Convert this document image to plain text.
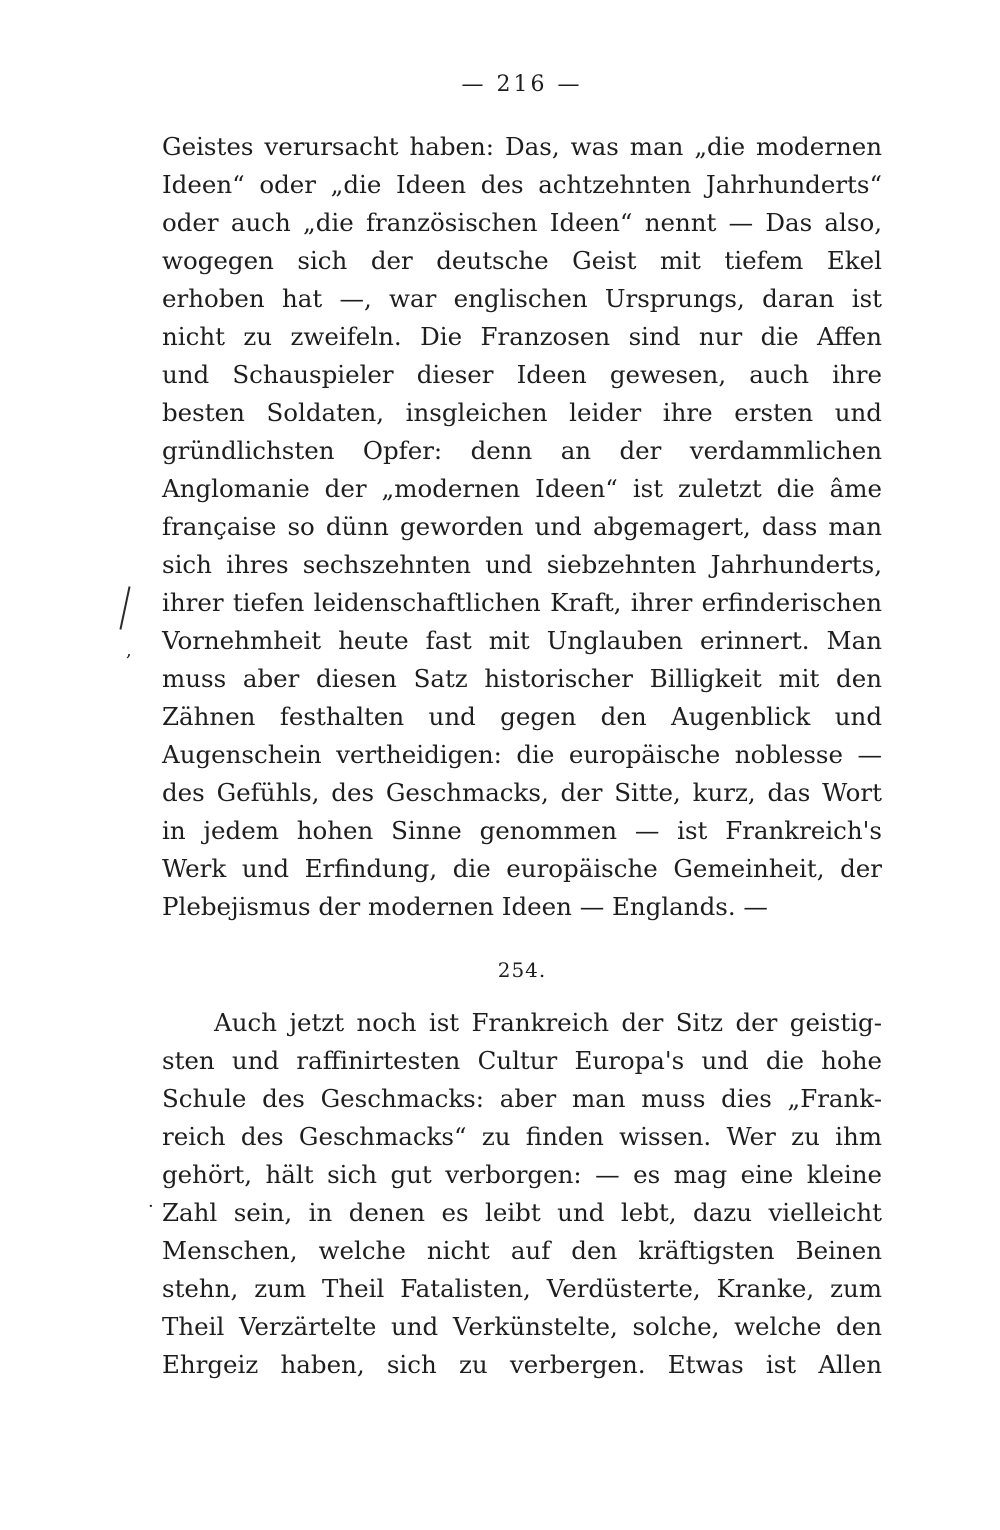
— 216 —
Geistes verursacht haben: Das, was man „die modernen
Ideen“ oder „die Ideen des achtzehnten Jahrhunderts“
oder auch „die französischen Ideen“ nennt — Das also,
wogegen sich der deutsche Geist mit tiefem Ekel
erhoben hat —, war englischen Ursprungs, daran ist
nicht zu zweifeln. Die Franzosen sind nur die Affen
und Schauspieler dieser Ideen gewesen, auch ihre
besten Soldaten, insgleichen leider ihre ersten und
gründlichsten Opfer: denn an der verdammlichen
Anglomanie der „modernen Ideen“ ist zuletzt die âme
française so dünn geworden und abgemagert, dass man
sich ihres sechszehnten und siebzehnten Jahrhunderts,
ihrer tiefen leidenschaftlichen Kraft, ihrer erfinderischen
Vornehmheit heute fast mit Unglauben erinnert. Man
muss aber diesen Satz historischer Billigkeit mit den
Zähnen festhalten und gegen den Augenblick und
Augenschein vertheidigen: die europäische noblesse —
des Gefühls, des Geschmacks, der Sitte, kurz, das Wort
in jedem hohen Sinne genommen — ist Frankreich's
Werk und Erfindung, die europäische Gemeinheit, der
Plebejismus der modernen Ideen — Englands. —
254.
Auch jetzt noch ist Frankreich der Sitz der geistig-
sten und raffinirtesten Cultur Europa's und die hohe
Schule des Geschmacks: aber man muss dies „Frank-
reich des Geschmacks“ zu finden wissen. Wer zu ihm
gehört, hält sich gut verborgen: — es mag eine kleine
Zahl sein, in denen es leibt und lebt, dazu vielleicht
Menschen, welche nicht auf den kräftigsten Beinen
stehn, zum Theil Fatalisten, Verdüsterte, Kranke, zum
Theil Verzärtelte und Verkünstelte, solche, welche den
Ehrgeiz haben, sich zu verbergen. Etwas ist Allen
,
·
